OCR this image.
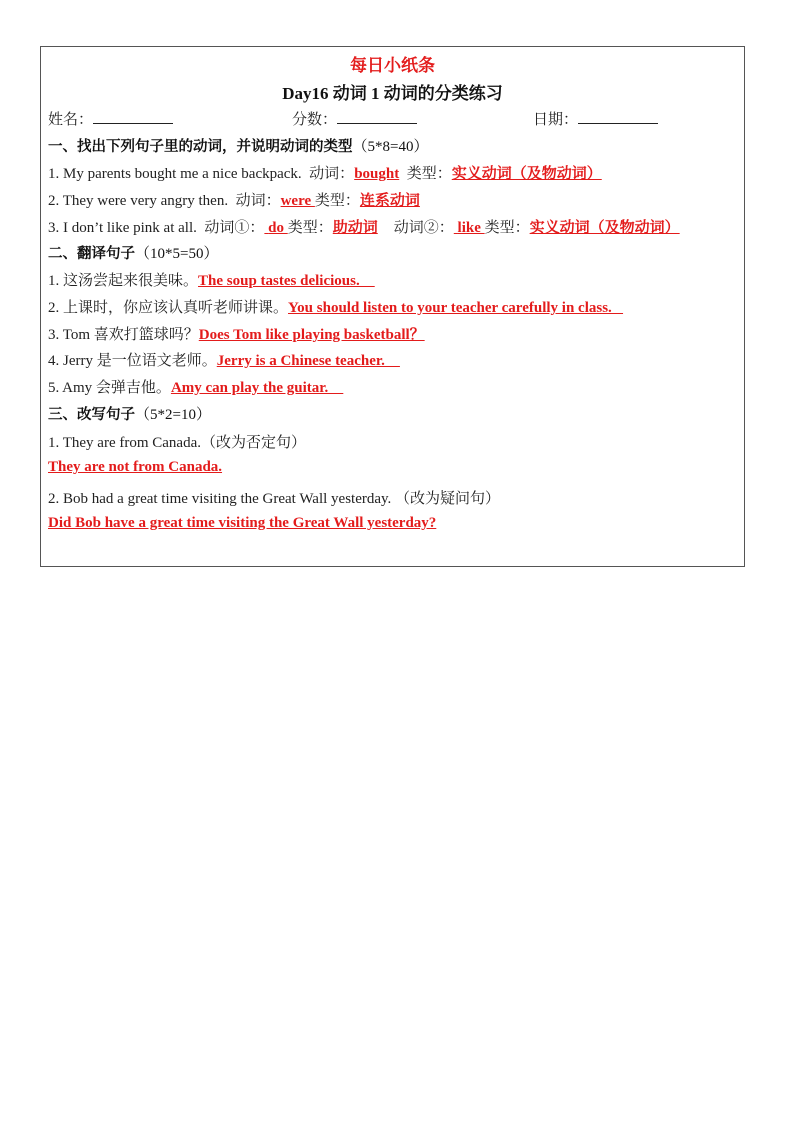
每日小纸条
Day16 动词 1 动词的分类练习
姓名：	分数：	日期：
一、找出下列句子里的动词，并说明动词的类型（5*8=40）
1. My parents bought me a nice backpack. 动词：bought 类型：实义动词（及物动词）
2. They were very angry then. 动词：were 类型：连系动词
3. I don’t like pink at all. 动词①： do 类型：助动词 动词②： like 类型：实义动词（及物动词）
二、翻译句子（10*5=50）
1. 这汤尝起来很美味。The soup tastes delicious.
2. 上课时，你应该认真听老师讲课。You should listen to your teacher carefully in class.
3. Tom 喜欢打篮球吗？Does Tom like playing basketball？
4. Jerry 是一位语文老师。Jerry is a Chinese teacher.
5. Amy 会弹吉他。Amy can play the guitar.
三、改写句子（5*2=10）
1. They are from Canada.（改为否定句）
They are not from Canada.
2. Bob had a great time visiting the Great Wall yesterday. （改为疑问句）
Did Bob have a great time visiting the Great Wall yesterday?
